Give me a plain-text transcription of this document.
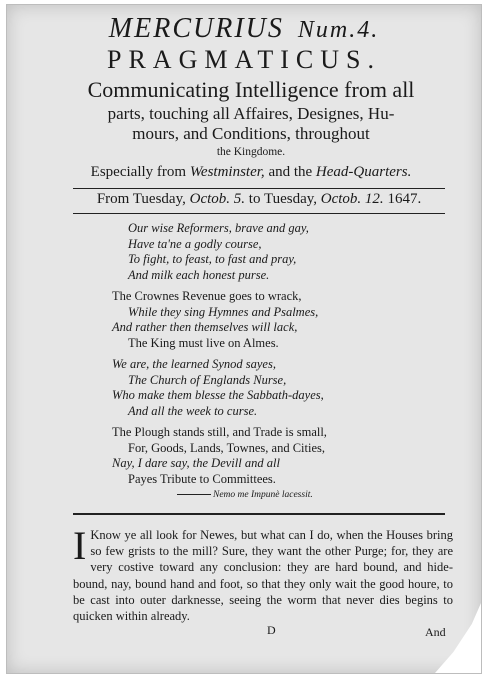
MERCURIUS Num.4.
PRAGMATICUS.
Communicating Intelligence from all
parts, touching all Affaires, Designes, Hu-
mours, and Conditions, throughout
the Kingdome.
Especially from Westminster, and the Head-Quarters.
From Tuesday, Octob. 5. to Tuesday, Octob. 12. 1647.
Our wise Reformers, brave and gay,
Have ta'ne a godly course,
To fight, to feast, to fast and pray,
And milk each honest purse.
The Crownes Revenue goes to wrack,
While they sing Hymnes and Psalmes,
And rather then themselves will lack,
The King must live on Almes.
We are, the learned Synod sayes,
The Church of Englands Nurse,
Who make them blesse the Sabbath-dayes,
And all the week to curse.
The Plough stands still, and Trade is small,
For, Goods, Lands, Townes, and Cities,
Nay, I dare say, the Devill and all
Payes Tribute to Committees.
Nemo me Impunè lacessit.
I Know ye all look for Newes, but what can I do, when the Houses bring so few grists to the mill? Sure, they want the other Purge; for, they are very costive toward any conclusion: they are hard bound, and hide-bound, nay, bound hand and foot, so that they only wait the good houre, to be cast into outer darknesse, seeing the worm that never dies begins to quicken within already.

D	And
